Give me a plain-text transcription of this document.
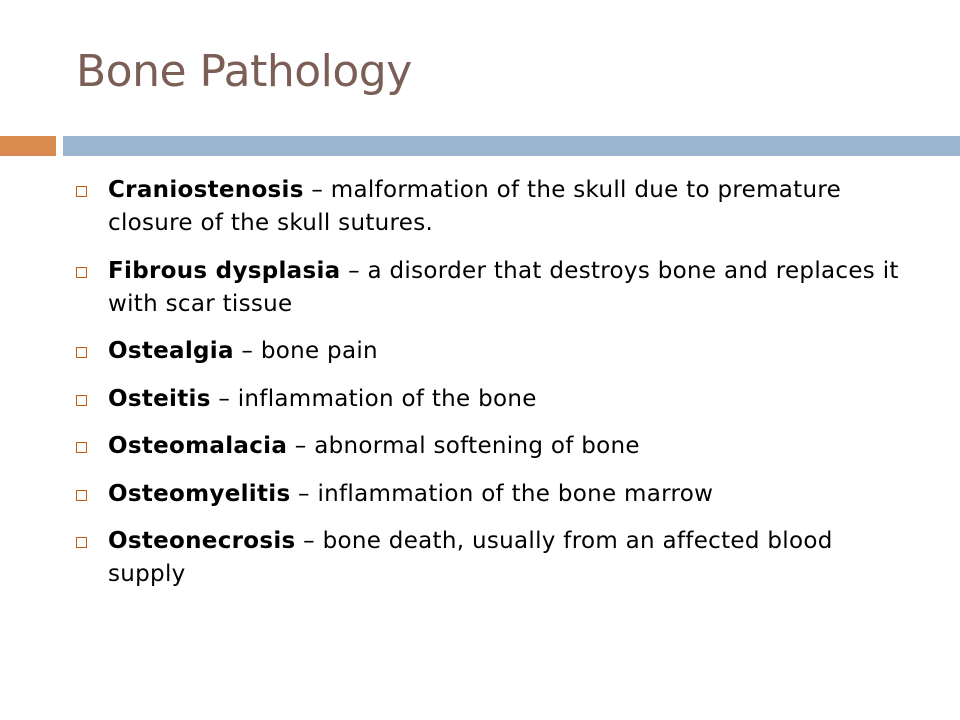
Bone Pathology
Craniostenosis – malformation of the skull due to premature closure of the skull sutures.
Fibrous dysplasia – a disorder that destroys bone and replaces it with scar tissue
Ostealgia – bone pain
Osteitis – inflammation of the bone
Osteomalacia – abnormal softening of bone
Osteomyelitis – inflammation of the bone marrow
Osteonecrosis – bone death, usually from an affected blood supply
